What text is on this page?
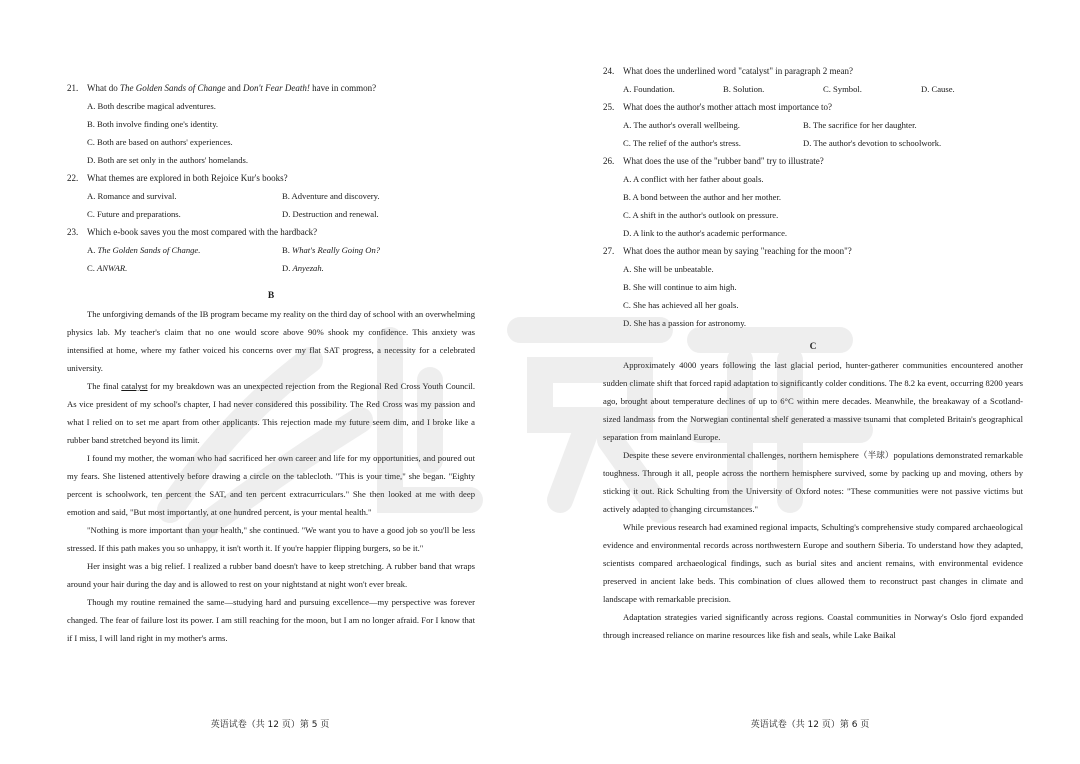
21. What do The Golden Sands of Change and Don't Fear Death! have in common?
A. Both describe magical adventures.
B. Both involve finding one's identity.
C. Both are based on authors' experiences.
D. Both are set only in the authors' homelands.
22. What themes are explored in both Rejoice Kur's books?
A. Romance and survival.	B. Adventure and discovery.
C. Future and preparations.	D. Destruction and renewal.
23. Which e-book saves you the most compared with the hardback?
A. The Golden Sands of Change.	B. What's Really Going On?
C. ANWAR.	D. Anyezah.
B

The unforgiving demands of the IB program became my reality on the third day of school with an overwhelming physics lab. My teacher's claim that no one would score above 90% shook my confidence. This anxiety was intensified at home, where my father voiced his concerns over my flat SAT progress, a necessity for a celebrated university.

The final catalyst for my breakdown was an unexpected rejection from the Regional Red Cross Youth Council. As vice president of my school's chapter, I had never considered this possibility. The Red Cross was my passion and what I relied on to set me apart from other applicants. This rejection made my future seem dim, and I broke like a rubber band stretched beyond its limit.

I found my mother, the woman who had sacrificed her own career and life for my opportunities, and poured out my fears. She listened attentively before drawing a circle on the tablecloth. "This is your time," she began. "Eighty percent is schoolwork, ten percent the SAT, and ten percent extracurriculars." She then looked at me with deep emotion and said, "But most importantly, at one hundred percent, is your mental health."

"Nothing is more important than your health," she continued. "We want you to have a good job so you'll be less stressed. If this path makes you so unhappy, it isn't worth it. If you're happier flipping burgers, so be it."

Her insight was a big relief. I realized a rubber band doesn't have to keep stretching. A rubber band that wraps around your hair during the day and is allowed to rest on your nightstand at night won't ever break.

Though my routine remained the same—studying hard and pursuing excellence—my perspective was forever changed. The fear of failure lost its power. I am still reaching for the moon, but I am no longer afraid. For I know that if I miss, I will land right in my mother's arms.

英语试卷（共 12 页）第 5 页
24. What does the underlined word "catalyst" in paragraph 2 mean?
A. Foundation.	B. Solution.	C. Symbol.	D. Cause.
25. What does the author's mother attach most importance to?
A. The author's overall wellbeing.	B. The sacrifice for her daughter.
C. The relief of the author's stress.	D. The author's devotion to schoolwork.
26. What does the use of the "rubber band" try to illustrate?
A. A conflict with her father about goals.
B. A bond between the author and her mother.
C. A shift in the author's outlook on pressure.
D. A link to the author's academic performance.
27. What does the author mean by saying "reaching for the moon"?
A. She will be unbeatable.
B. She will continue to aim high.
C. She has achieved all her goals.
D. She has a passion for astronomy.
C

Approximately 4000 years following the last glacial period, hunter-gatherer communities encountered another sudden climate shift that forced rapid adaptation to significantly colder conditions. The 8.2 ka event, occurring 8200 years ago, brought about temperature declines of up to 6°C within mere decades. Meanwhile, the breakaway of a Scotland-sized landmass from the Norwegian continental shelf generated a massive tsunami that completed Britain's geographical separation from mainland Europe.

Despite these severe environmental challenges, northern hemisphere（半球）populations demonstrated remarkable toughness. Through it all, people across the northern hemisphere survived, some by packing up and moving, others by sticking it out. Rick Schulting from the University of Oxford notes: "These communities were not passive victims but actively adapted to changing circumstances."

While previous research had examined regional impacts, Schulting's comprehensive study compared archaeological evidence and environmental records across northwestern Europe and southern Siberia. To understand how they adapted, scientists compared archaeological findings, such as burial sites and ancient remains, with environmental evidence preserved in ancient lake beds. This combination of clues allowed them to reconstruct past changes in climate and landscape with remarkable precision.

Adaptation strategies varied significantly across regions. Coastal communities in Norway's Oslo fjord expanded through increased reliance on marine resources like fish and seals, while Lake Baikal

英语试卷（共 12 页）第 6 页
